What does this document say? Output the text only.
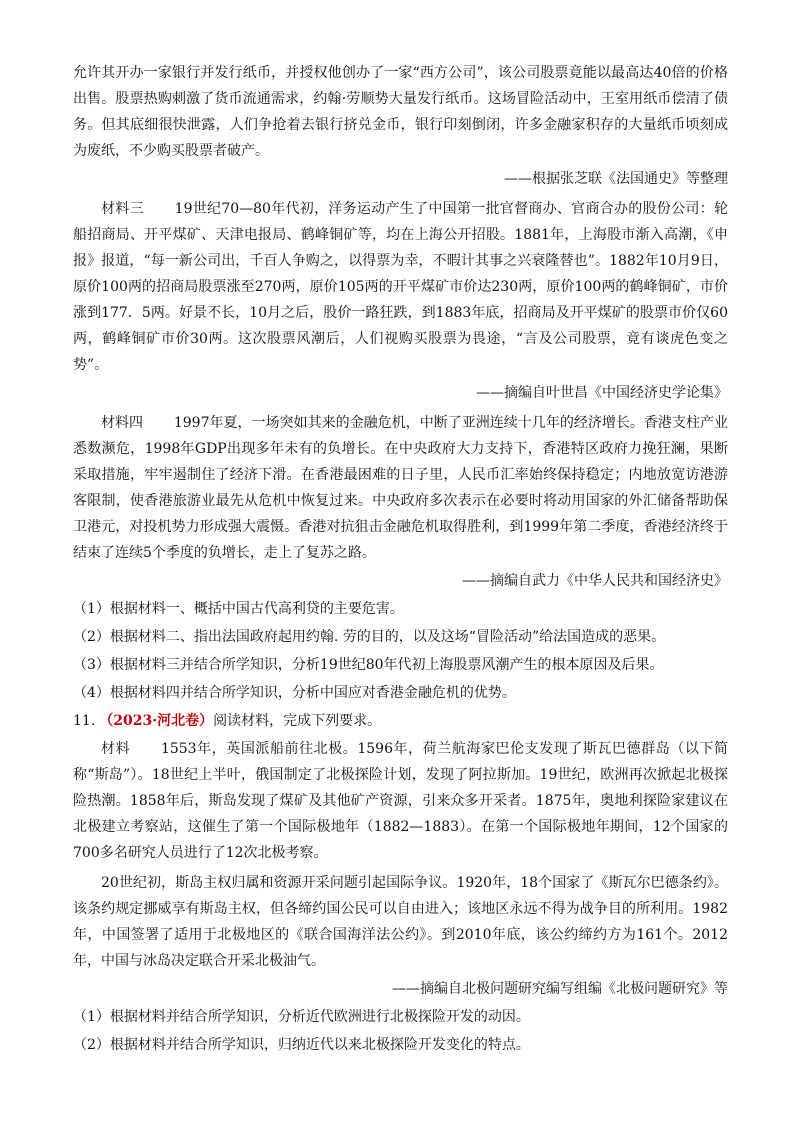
允许其开办一家银行并发行纸币，并授权他创办了一家“西方公司”，该公司股票竟能以最高达40倍的价格出售。股票热购刺激了货币流通需求，约翰·劳顺势大量发行纸币。这场冒险活动中，王室用纸币偿清了债务。但其底细很快泄露，人们争抢着去银行挤兑金币，银行印刻倒闭，许多金融家积存的大量纸币顷刻成为废纸，不少购买股票者破产。

——根据张芝联《法国通史》等整理

材料三 19世纪70—80年代初，洋务运动产生了中国第一批官督商办、官商合办的股份公司：轮船招商局、开平煤矿、天津电报局、鹤峰铜矿等，均在上海公开招股。1881年，上海股市渐入高潮，《申报》报道，“每一新公司出，千百人争购之，以得票为幸，不暇计其事之兴衰隆替也”。1882年10月9日，原价100两的招商局股票涨至270两，原价105两的开平煤矿市价达230两，原价100两的鹤峰铜矿，市价涨到177．5两。好景不长，10月之后，股价一路狂跌，到1883年底，招商局及开平煤矿的股票市价仅60两，鹤峰铜矿市价30两。这次股票风潮后，人们视购买股票为畏途，“言及公司股票，竟有谈虎色变之势”。

——摘编自叶世昌《中国经济史学论集》

材料四 1997年夏，一场突如其来的金融危机，中断了亚洲连续十几年的经济增长。香港支柱产业悉数濒危，1998年GDP出现多年未有的负增长。在中央政府大力支持下，香港特区政府力挽狂澜，果断采取措施，牢牢遏制住了经济下滑。在香港最困难的日子里，人民币汇率始终保持稳定；内地放宽访港游客限制，使香港旅游业最先从危机中恢复过来。中央政府多次表示在必要时将动用国家的外汇储备帮助保卫港元，对投机势力形成强大震慑。香港对抗狙击金融危机取得胜利，到1999年第二季度，香港经济终于结束了连续5个季度的负增长，走上了复苏之路。

——摘编自武力《中华人民共和国经济史》

（1）根据材料一、概括中国古代高利贷的主要危害。

（2）根据材料二、指出法国政府起用约翰. 劳的目的，以及这场“冒险活动”给法国造成的恶果。

（3）根据材料三并结合所学知识，分析19世纪80年代初上海股票风潮产生的根本原因及后果。

（4）根据材料四并结合所学知识，分析中国应对香港金融危机的优势。

11. （2023·河北卷）阅读材料，完成下列要求。

材料 1553年，英国派船前往北极。1596年，荷兰航海家巴伦支发现了斯瓦巴德群岛（以下简称“斯岛”）。18世纪上半叶，俄国制定了北极探险计划，发现了阿拉斯加。19世纪，欧洲再次掀起北极探险热潮。1858年后，斯岛发现了煤矿及其他矿产资源，引来众多开采者。1875年，奥地利探险家建议在北极建立考察站，这催生了第一个国际极地年（1882—1883）。在第一个国际极地年期间，12个国家的700多名研究人员进行了12次北极考察。

20世纪初，斯岛主权归属和资源开采问题引起国际争议。1920年，18个国家了《斯瓦尔巴德条约》。该条约规定挪威享有斯岛主权，但各缔约国公民可以自由进入；该地区永远不得为战争目的所利用。1982年，中国签署了适用于北极地区的《联合国海洋法公约》。到2010年底，该公约缔约方为161个。2012年，中国与冰岛决定联合开采北极油气。

——摘编自北极问题研究编写组编《北极问题研究》等

（1）根据材料并结合所学知识，分析近代欧洲进行北极探险开发的动因。

（2）根据材料并结合所学知识，归纳近代以来北极探险开发变化的特点。
